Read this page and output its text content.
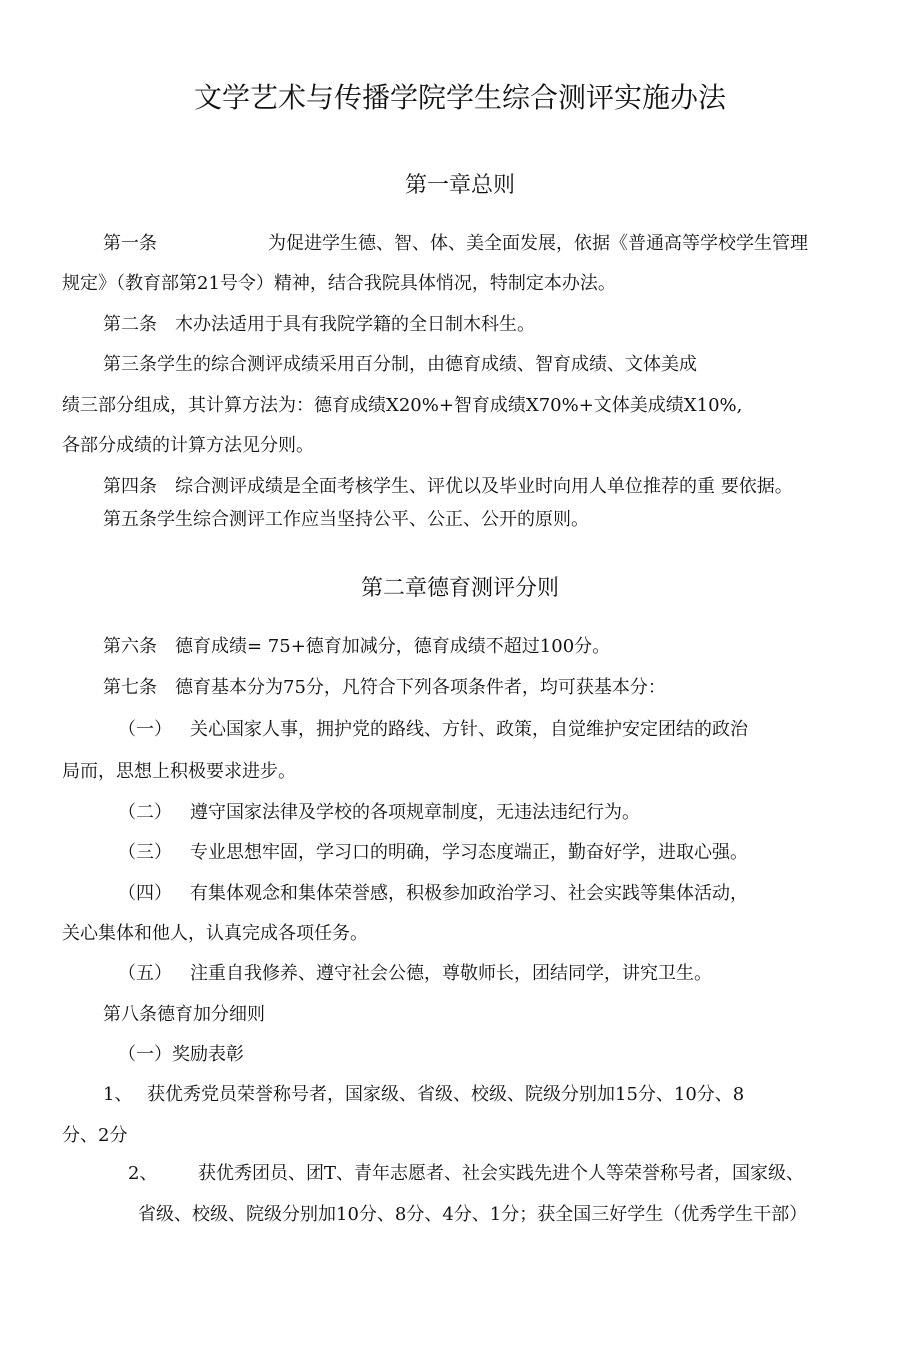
文学艺术与传播学院学生综合测评实施办法
第一章总则
第一条	为促进学生德、智、体、美全面发展，依据《普通高等学校学生管理
规定》（教育部第21号令）精神，结合我院具体悄况，特制定本办法。
第二条 木办法适用于具有我院学籍的全日制木科生。
第三条学生的综合测评成绩采用百分制，由德育成绩、智育成绩、文体美成
绩三部分组成，其计算方法为：德育成绩X20%+智育成绩X70%+文体美成绩X10%,
各部分成绩的计算方法见分则。
第四条 综合测评成绩是全面考核学生、评优以及毕业时向用人单位推荐的重 要依据。
第五条学生综合测评工作应当坚持公平、公正、公开的原则。
第二章德育测评分则
第六条 德育成绩= 75+德育加减分，德育成绩不超过100分。
第七条 德育基本分为75分，凡符合下列各项条件者，均可获基本分：
（一） 关心国家人事，拥护党的路线、方针、政策，自觉维护安定团结的政治
局而，思想上积极要求进步。
（二） 遵守国家法律及学校的各项规章制度，无违法违纪行为。
（三） 专业思想牢固，学习口的明确，学习态度端正，勤奋好学，进取心强。
（四） 有集体观念和集体荣誉感，积极参加政治学习、社会实践等集体活动，
关心集体和他人，认真完成各项任务。
（五） 注重自我修养、遵守社会公德，尊敬师长，团结同学，讲究卫生。
第八条德育加分细则
（一）奖励表彰
1、 获优秀党员荣誉称号者，国家级、省级、校级、院级分别加15分、10分、8
分、2分
2、 获优秀团员、团T、青年志愿者、社会实践先进个人等荣誉称号者，国家级、
省级、校级、院级分别加10分、8分、4分、1分；获全国三好学生（优秀学生干部）
